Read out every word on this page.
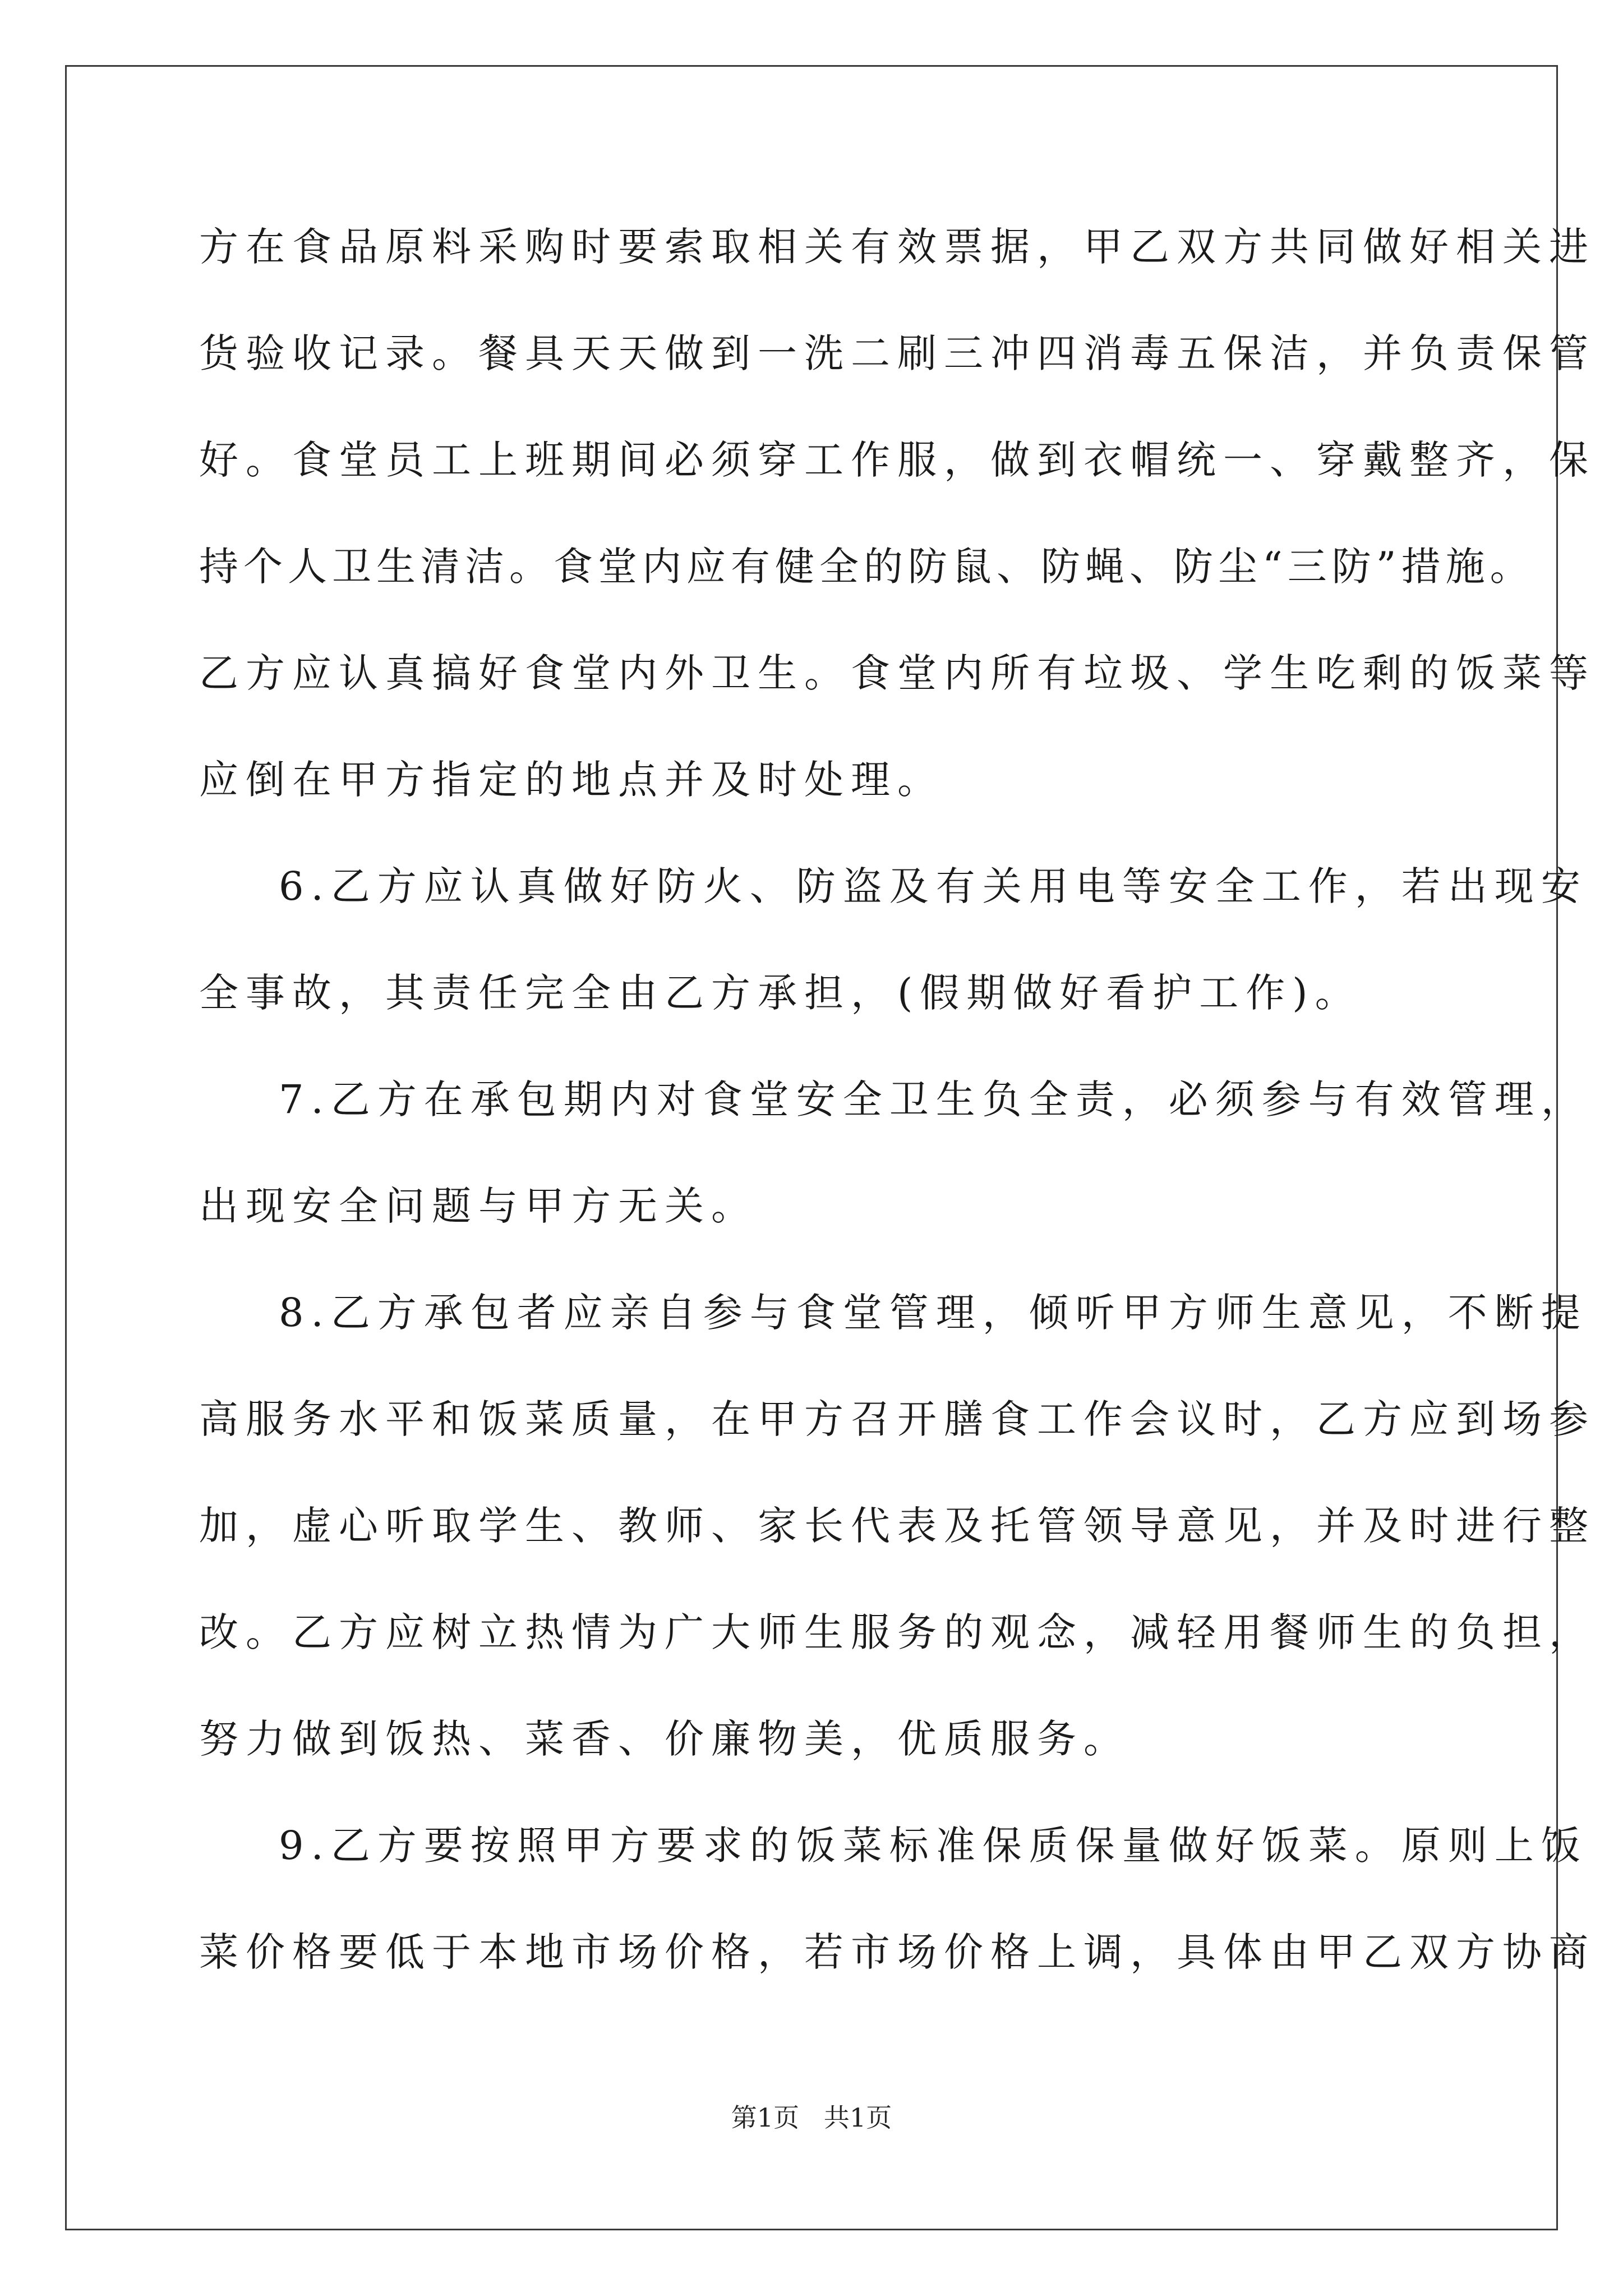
方在食品原料采购时要索取相关有效票据，甲乙双方共同做好相关进
货验收记录。餐具天天做到一洗二刷三冲四消毒五保洁，并负责保管
好。食堂员工上班期间必须穿工作服，做到衣帽统一、穿戴整齐，保
持个人卫生清洁。食堂内应有健全的防鼠、防蝇、防尘“三防”措施。
乙方应认真搞好食堂内外卫生。食堂内所有垃圾、学生吃剩的饭菜等
应倒在甲方指定的地点并及时处理。
6.乙方应认真做好防火、防盗及有关用电等安全工作，若出现安
全事故，其责任完全由乙方承担，(假期做好看护工作)。
7.乙方在承包期内对食堂安全卫生负全责，必须参与有效管理，
出现安全问题与甲方无关。
8.乙方承包者应亲自参与食堂管理，倾听甲方师生意见，不断提
高服务水平和饭菜质量，在甲方召开膳食工作会议时，乙方应到场参
加，虚心听取学生、教师、家长代表及托管领导意见，并及时进行整
改。乙方应树立热情为广大师生服务的观念，减轻用餐师生的负担，
努力做到饭热、菜香、价廉物美，优质服务。
9.乙方要按照甲方要求的饭菜标准保质保量做好饭菜。原则上饭
菜价格要低于本地市场价格，若市场价格上调，具体由甲乙双方协商
第1页   共1页
